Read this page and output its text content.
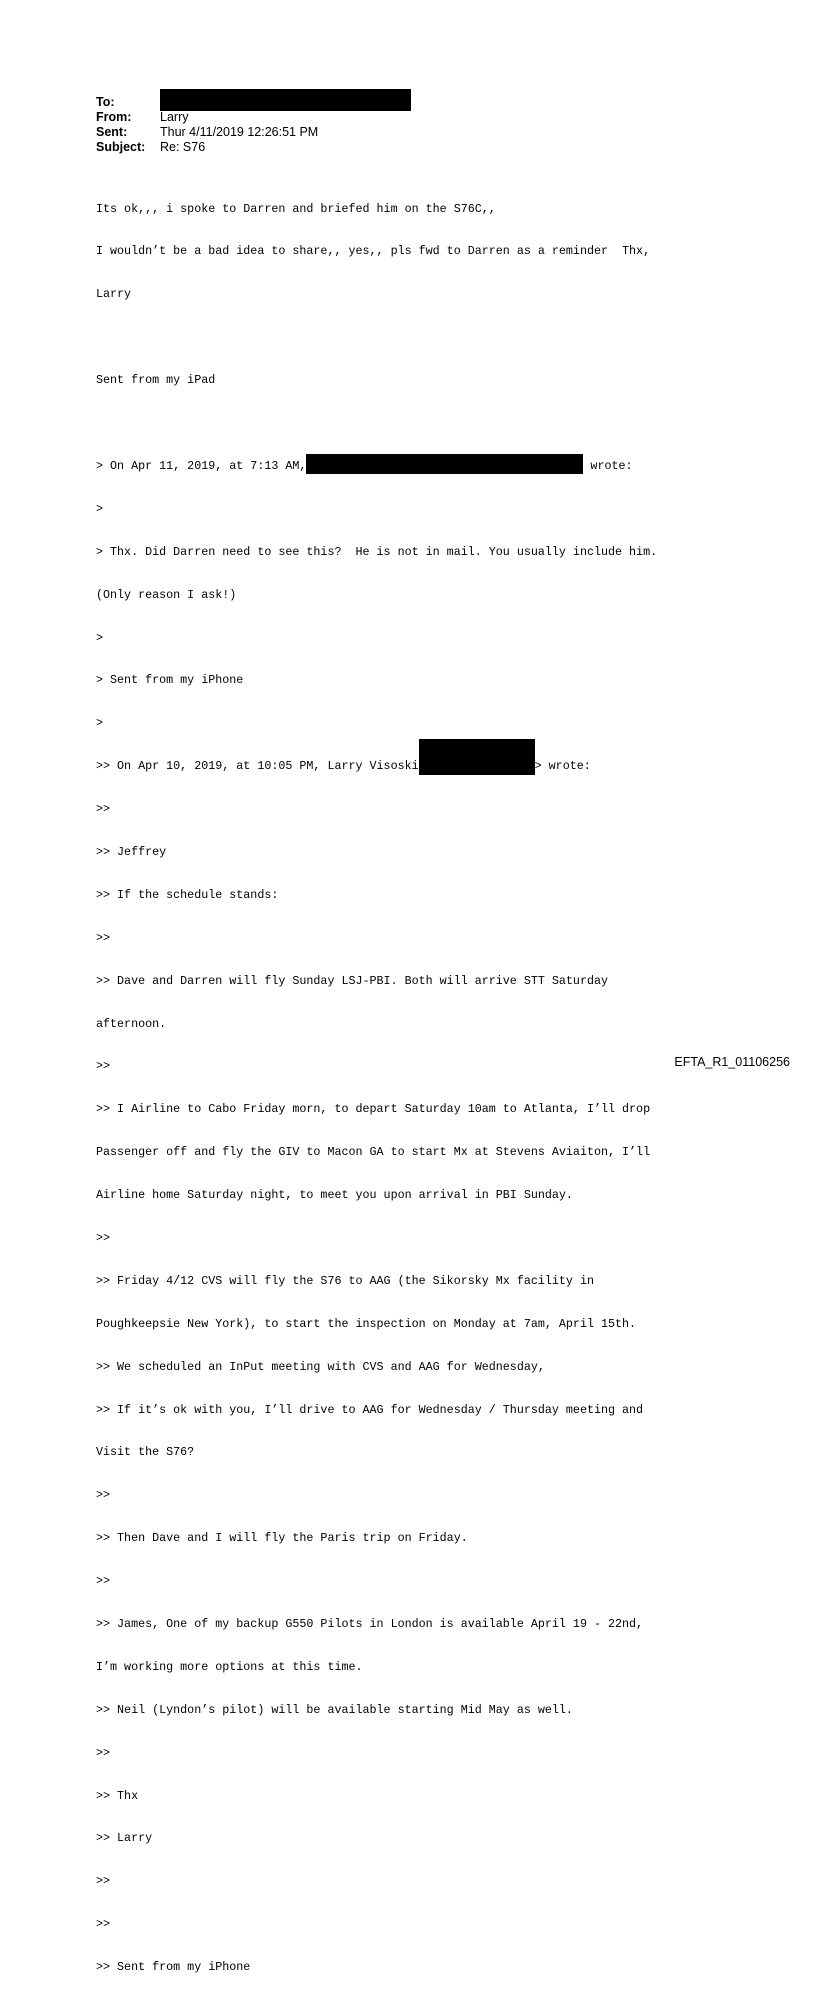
To:
From:	Larry
Sent:	Thur 4/11/2019 12:26:51 PM
Subject:	Re: S76

Its ok,,, i spoke to Darren and briefed him on the S76C,,

I wouldn’t be a bad idea to share,, yes,, pls fwd to Darren as a reminder  Thx,

Larry

Sent from my iPad

> On Apr 11, 2019, at 7:13 AM,	wrote:

>

> Thx. Did Darren need to see this?  He is not in mail. You usually include him.

(Only reason I ask!)

>

> Sent from my iPhone

>

>> On Apr 10, 2019, at 10:05 PM, Larry Visoski	> wrote:

>>

>> Jeffrey

>> If the schedule stands:

>>

>> Dave and Darren will fly Sunday LSJ-PBI. Both will arrive STT Saturday

afternoon.

>>

>> I Airline to Cabo Friday morn, to depart Saturday 10am to Atlanta, I’ll drop

Passenger off and fly the GIV to Macon GA to start Mx at Stevens Aviaiton, I’ll

Airline home Saturday night, to meet you upon arrival in PBI Sunday.

>>

>> Friday 4/12 CVS will fly the S76 to AAG (the Sikorsky Mx facility in

Poughkeepsie New York), to start the inspection on Monday at 7am, April 15th.

>> We scheduled an InPut meeting with CVS and AAG for Wednesday,

>> If it’s ok with you, I’ll drive to AAG for Wednesday / Thursday meeting and

Visit the S76?

>>

>> Then Dave and I will fly the Paris trip on Friday.

>>

>> James, One of my backup G550 Pilots in London is available April 19 - 22nd,

I’m working more options at this time.

>> Neil (Lyndon’s pilot) will be available starting Mid May as well.

>>

>> Thx

>> Larry

>>

>>

>> Sent from my iPhone

EFTA_R1_01106256
